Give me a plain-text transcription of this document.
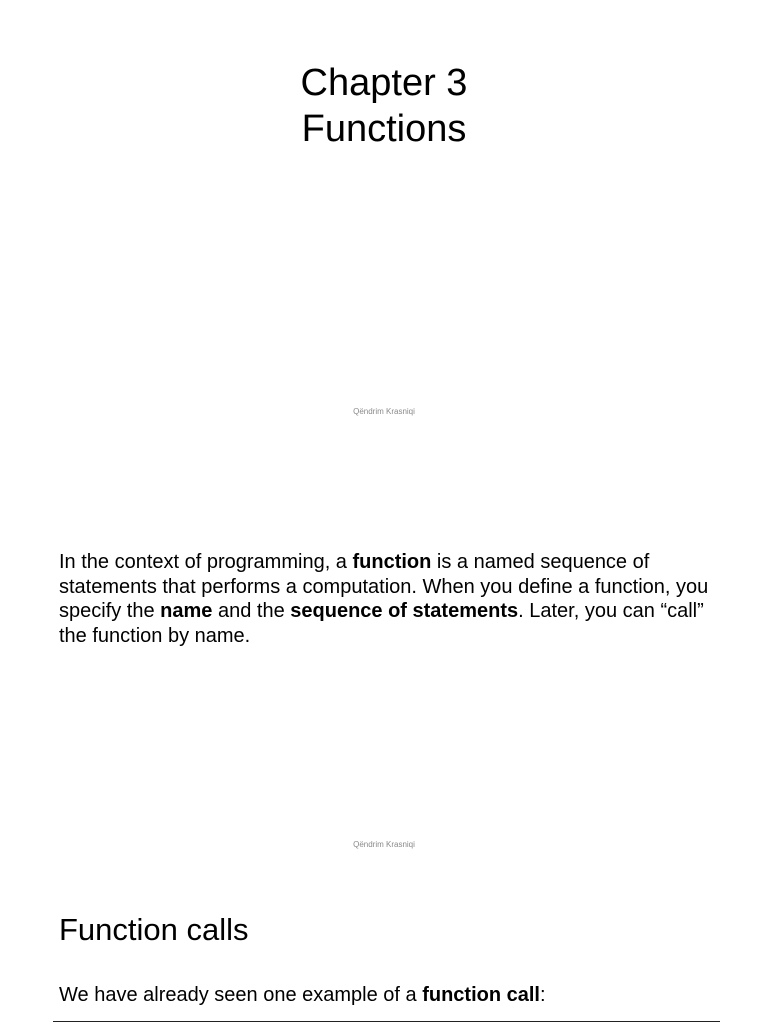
Chapter 3
Functions
Qëndrim Krasniqi

In the context of programming, a function is a named sequence of statements that performs a computation. When you define a function, you specify the name and the sequence of statements. Later, you can “call” the function by name.

Qëndrim Krasniqi
Function calls

We have already seen one example of a function call:
